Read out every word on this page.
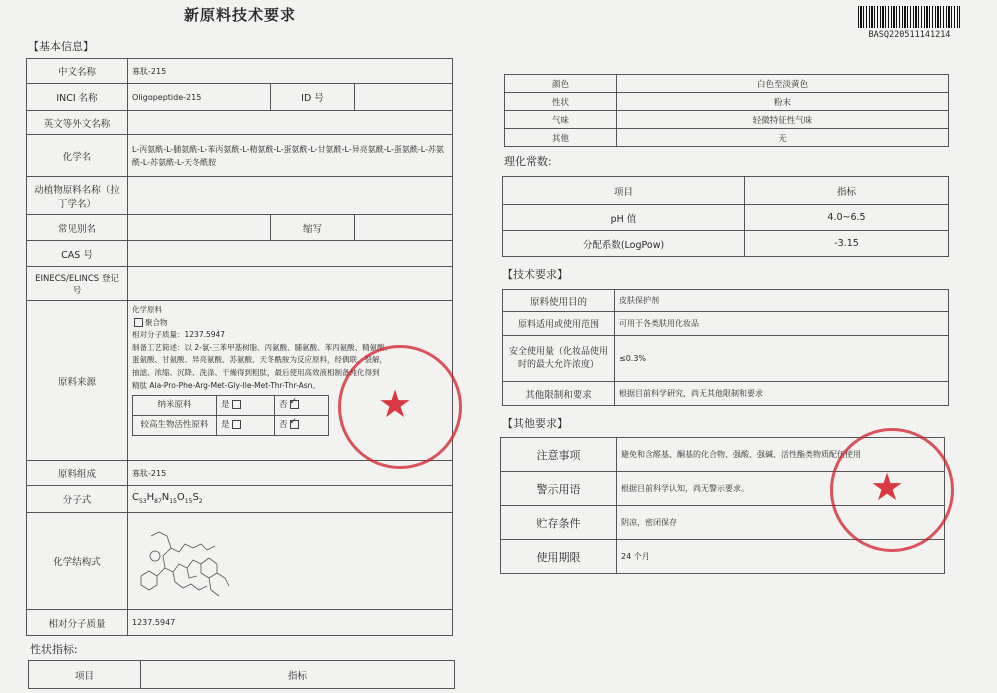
新原料技术要求
BASQ220511141214
【基本信息】
中文名称	寡肽-215
INCI 名称	Oligopeptide-215	ID 号	
英文等外文名称	
化学名	L-丙氨酰-L-脯氨酰-L-苯丙氨酰-L-精氨酰-L-蛋氨酰-L-甘氨酰-L-异亮氨酰-L-蛋氨酰-L-苏氨酰-L-苏氨酰-L-天冬酰胺
动植物原料名称（拉丁学名）	
常见别名		缩写	
CAS 号	
EINECS/ELINCS 登记号	
原料来源	
化学原料
聚合物
相对分子质量：1237.5947
制备工艺简述：以 2-氯-三苯甲基树脂、丙氨酸、脯氨酸、苯丙氨酸、精氨酸、
蛋氨酸、甘氨酸、异亮氨酸、苏氨酸、天冬酰胺为反应原料，经偶联、裂解，
抽滤、浓缩、沉降、洗涤、干燥得到粗肽，最后使用高效液相制备纯化得到
精肽 Ala-Pro-Phe-Arg-Met-Gly-Ile-Met-Thr-Thr-Asn。
纳米原料	是	否✓
较高生物活性原料	是	否✓

原料组成	寡肽-215
分子式	$C_{53}H_{87}N_{15}O_{15}S_2$
化学结构式	
相对分子质量	1237.5947
性状指标:
项目	指标
颜色	白色至淡黄色
性状	粉末
气味	轻微特征性气味
其他	无
理化常数:
项目	指标
pH 值	4.0~6.5
分配系数(LogPow)	-3.15
【技术要求】
原料使用目的	皮肤保护剂
原料适用或使用范围	可用于各类肤用化妆品
安全使用量（化妆品使用时的最大允许浓度）	≤0.3%
其他限制和要求	根据目前科学研究，尚无其他限制和要求
【其他要求】
注意事项	避免和含醛基、酮基的化合物、强酸、强碱、活性酯类物质配伍使用
警示用语	根据目前科学认知，尚无警示要求。
贮存条件	阴凉，密闭保存
使用期限	24 个月
★
★
